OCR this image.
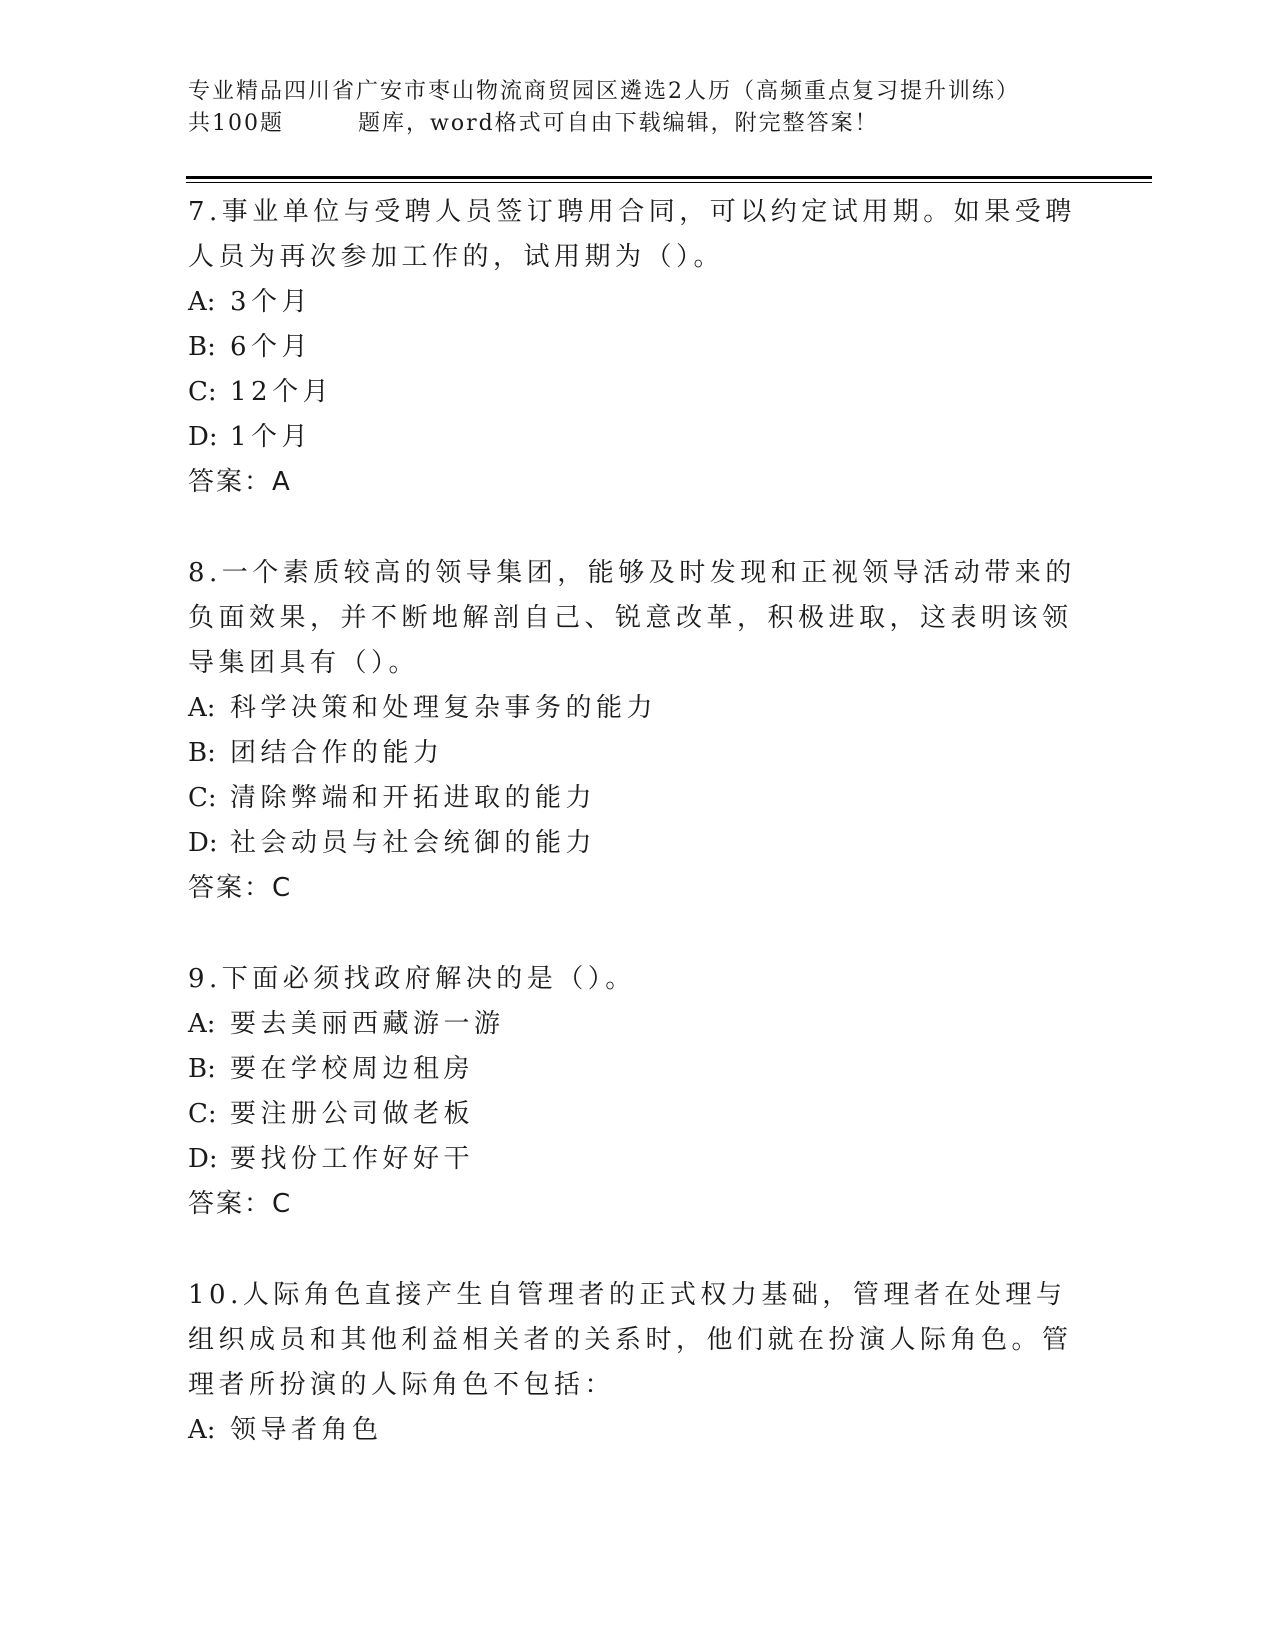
专业精品四川省广安市枣山物流商贸园区遴选2人历（高频重点复习提升训练）
共100题	题库，word格式可自由下载编辑，附完整答案！
7.事业单位与受聘人员签订聘用合同，可以约定试用期。如果受聘人员为再次参加工作的，试用期为（）。
A: 3个月
B: 6个月
C: 12个月
D: 1个月
答案：A
8.一个素质较高的领导集团，能够及时发现和正视领导活动带来的负面效果，并不断地解剖自己、锐意改革，积极进取，这表明该领导集团具有（）。
A: 科学决策和处理复杂事务的能力
B: 团结合作的能力
C: 清除弊端和开拓进取的能力
D: 社会动员与社会统御的能力
答案：C
9.下面必须找政府解决的是（）。
A: 要去美丽西藏游一游
B: 要在学校周边租房
C: 要注册公司做老板
D: 要找份工作好好干
答案：C
10.人际角色直接产生自管理者的正式权力基础，管理者在处理与组织成员和其他利益相关者的关系时，他们就在扮演人际角色。管理者所扮演的人际角色不包括：
A: 领导者角色
